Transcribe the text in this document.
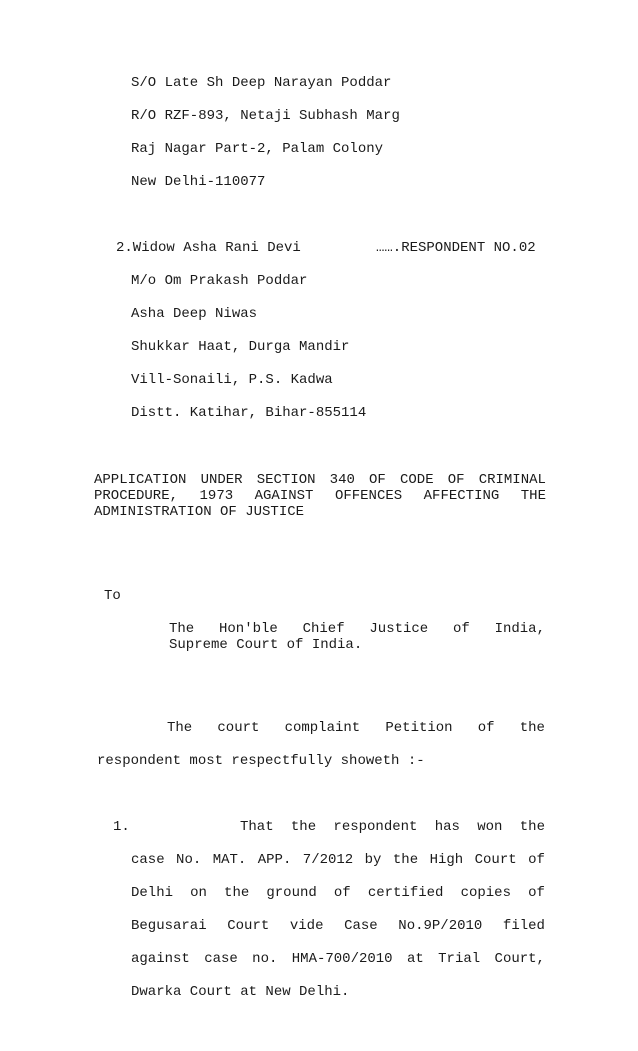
S/O Late Sh Deep Narayan Poddar
R/O RZF-893, Netaji Subhash Marg
Raj Nagar Part-2, Palam Colony
New Delhi-110077
2.Widow Asha Rani Devi	…….RESPONDENT NO.02
M/o Om Prakash Poddar
Asha Deep Niwas
Shukkar Haat, Durga Mandir
Vill-Sonaili, P.S. Kadwa
Distt. Katihar, Bihar-855114
APPLICATION UNDER SECTION 340 OF CODE OF CRIMINAL
PROCEDURE, 1973 AGAINST OFFENCES AFFECTING THE
ADMINISTRATION OF JUSTICE
To
The Hon'ble Chief Justice of India,
Supreme Court of India.
The court complaint Petition of the
respondent most respectfully showeth :-
1.	That the respondent has won the
case No. MAT. APP. 7/2012 by the High Court of
Delhi on the ground of certified copies of
Begusarai Court vide Case No.9P/2010 filed
against case no. HMA-700/2010 at Trial Court,
Dwarka Court at New Delhi.
